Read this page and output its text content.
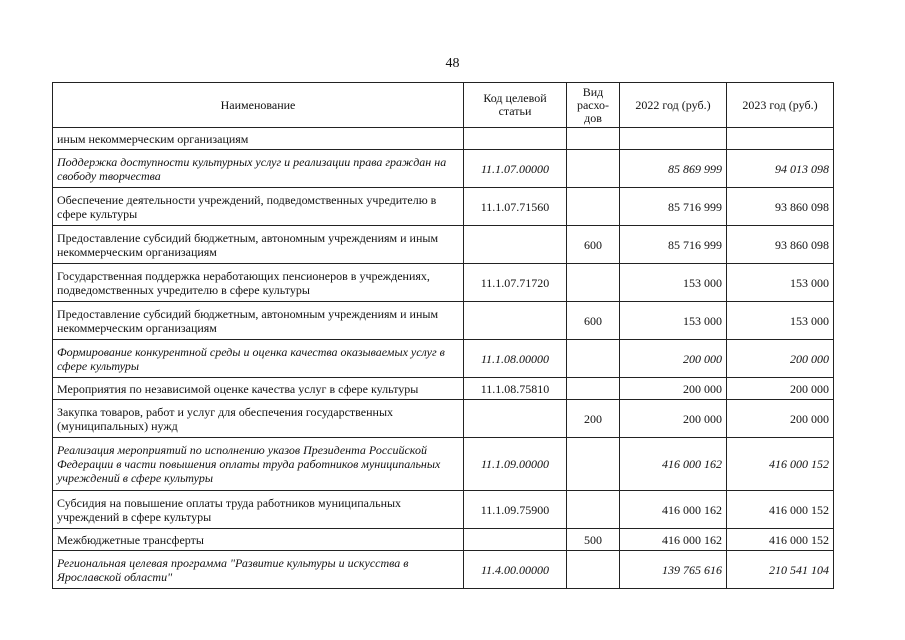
48
Наименование	Код целевой статьи	Вид расхо-дов	2022 год (руб.)	2023 год (руб.)
иным некоммерческим организациям				
Поддержка доступности культурных услуг и реализации права граждан на свободу творчества	11.1.07.00000		85 869 999	94 013 098
Обеспечение деятельности учреждений, подведомственных учредителю в сфере культуры	11.1.07.71560		85 716 999	93 860 098
Предоставление субсидий бюджетным, автономным учреждениям и иным некоммерческим организациям		600	85 716 999	93 860 098
Государственная поддержка неработающих пенсионеров в учреждениях, подведомственных учредителю в сфере культуры	11.1.07.71720		153 000	153 000
Предоставление субсидий бюджетным, автономным учреждениям и иным некоммерческим организациям		600	153 000	153 000
Формирование конкурентной среды и оценка качества оказываемых услуг в сфере культуры	11.1.08.00000		200 000	200 000
Мероприятия по независимой оценке качества услуг в сфере культуры	11.1.08.75810		200 000	200 000
Закупка товаров, работ и услуг для обеспечения государственных (муниципальных) нужд		200	200 000	200 000
Реализация мероприятий по исполнению указов Президента Российской Федерации в части повышения оплаты труда работников муниципальных учреждений в сфере культуры	11.1.09.00000		416 000 162	416 000 152
Субсидия на повышение оплаты труда работников муниципальных учреждений в сфере культуры	11.1.09.75900		416 000 162	416 000 152
Межбюджетные трансферты		500	416 000 162	416 000 152
Региональная целевая программа "Развитие культуры и искусства в Ярославской области"	11.4.00.00000		139 765 616	210 541 104
